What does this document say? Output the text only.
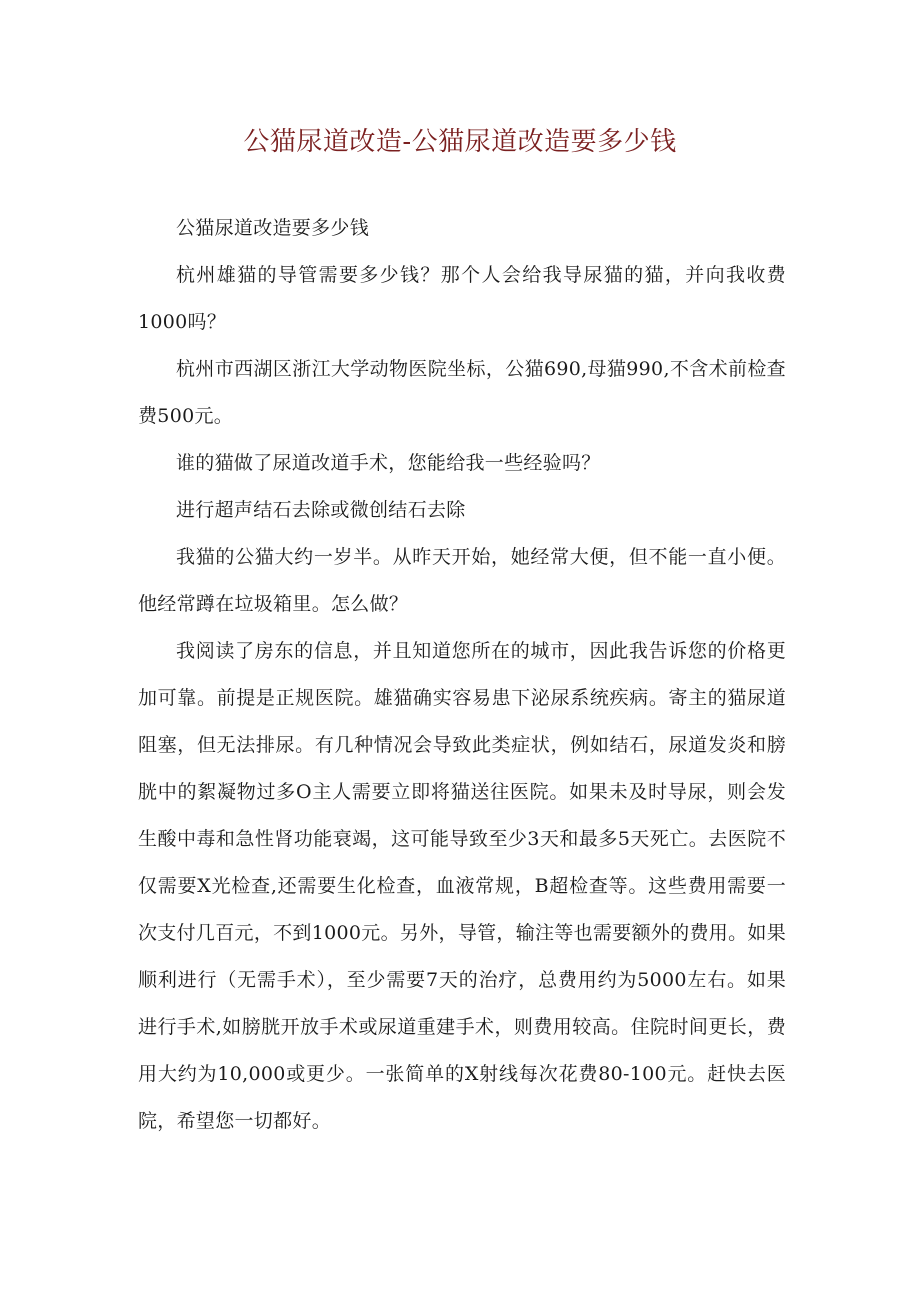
公猫尿道改造-公猫尿道改造要多少钱

公猫尿道改造要多少钱

杭州雄猫的导管需要多少钱？那个人会给我导尿猫的猫，并向我收费1000吗？

杭州市西湖区浙江大学动物医院坐标，公猫690,母猫990,不含术前检查费500元。

谁的猫做了尿道改道手术，您能给我一些经验吗？

进行超声结石去除或微创结石去除

我猫的公猫大约一岁半。从昨天开始，她经常大便，但不能一直小便。他经常蹲在垃圾箱里。怎么做？

我阅读了房东的信息，并且知道您所在的城市，因此我告诉您的价格更加可靠。前提是正规医院。雄猫确实容易患下泌尿系统疾病。寄主的猫尿道阻塞，但无法排尿。有几种情况会导致此类症状，例如结石，尿道发炎和膀胱中的絮凝物过多O主人需要立即将猫送往医院。如果未及时导尿，则会发生酸中毒和急性肾功能衰竭，这可能导致至少3天和最多5天死亡。去医院不仅需要X光检查,还需要生化检查，血液常规，B超检查等。这些费用需要一次支付几百元，不到1000元。另外，导管，输注等也需要额外的费用。如果顺利进行（无需手术），至少需要7天的治疗，总费用约为5000左右。如果进行手术,如膀胱开放手术或尿道重建手术，则费用较高。住院时间更长，费用大约为10,000或更少。一张简单的X射线每次花费80-100元。赶快去医院，希望您一切都好。
